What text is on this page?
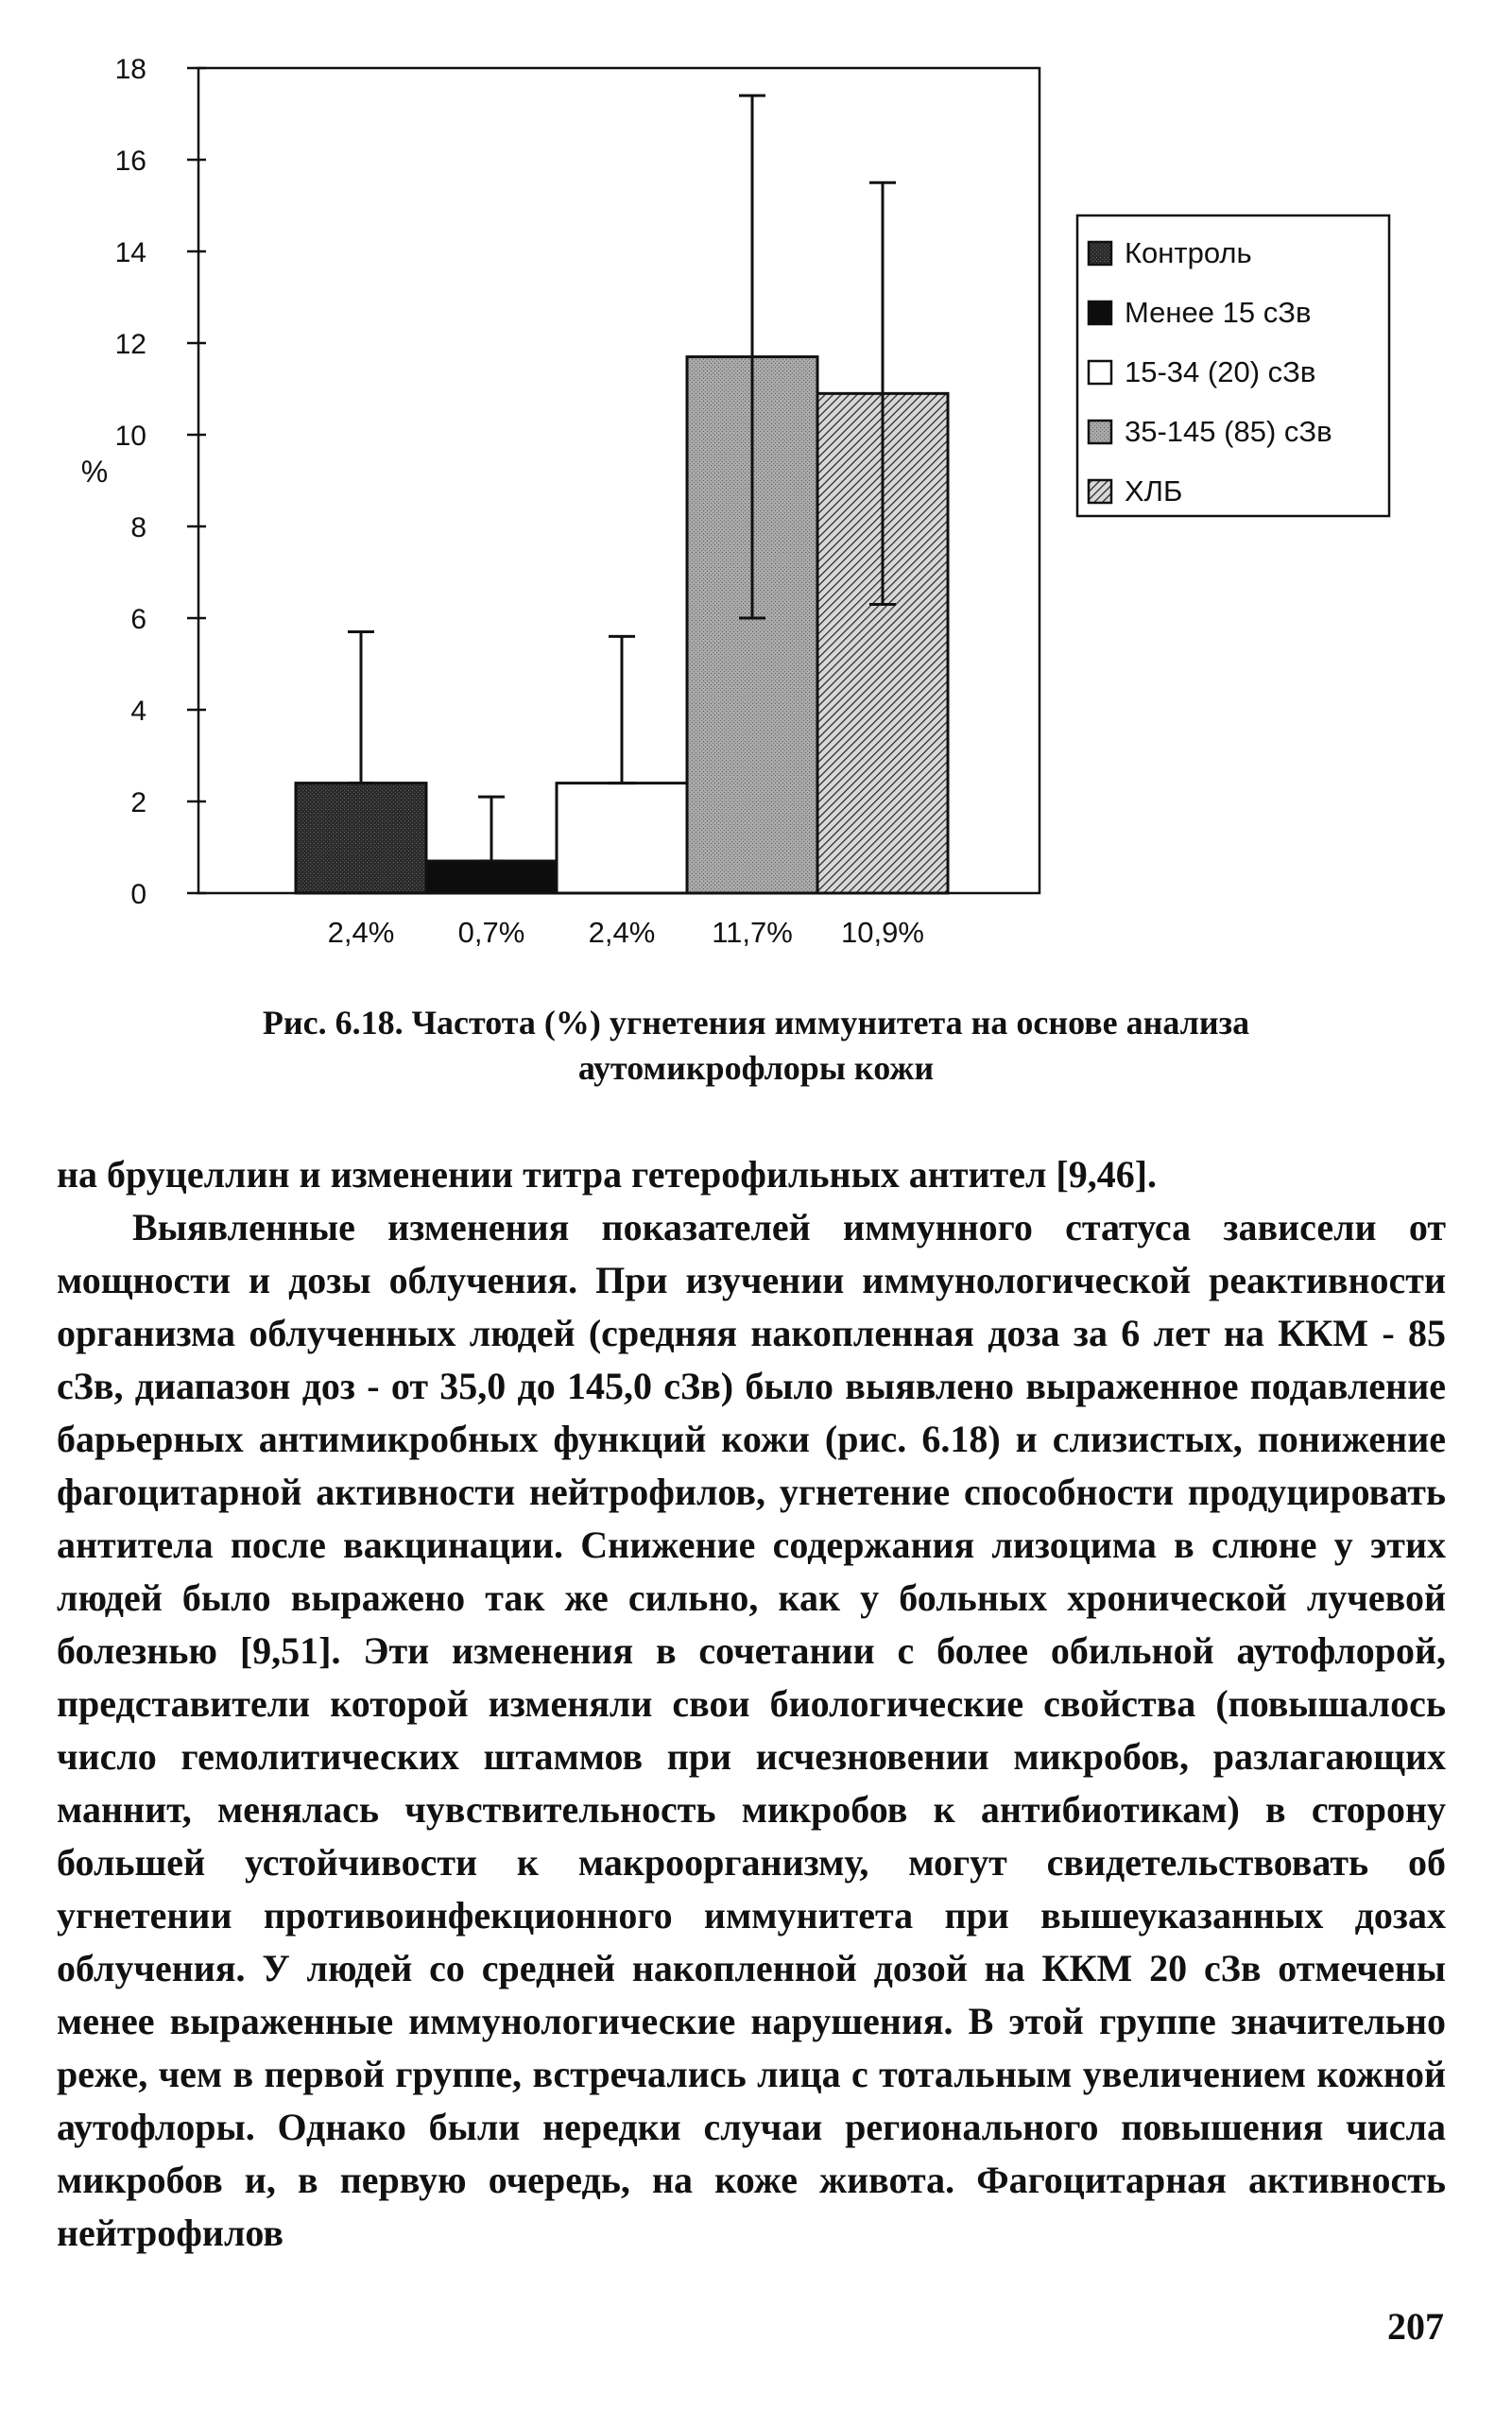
0
2
4
6
8
10
12
14
16
18
%
2,4% 0,7% 2,4% 11,7% 10,9%
Контроль
Менее 15 сЗв
15-34 (20) сЗв
35-145 (85) сЗв
ХЛБ
Рис. 6.18. Частота (%) угнетения иммунитета на основе анализа аутомикрофлоры кожи

на бруцеллин и изменении титра гетерофильных антител [9,46].

Выявленные изменения показателей иммунного статуса зависели от мощности и дозы облучения. При изучении иммунологической реактивности организма облученных людей (средняя накопленная доза за 6 лет на ККМ - 85 сЗв, диапазон доз - от 35,0 до 145,0 сЗв) было выявлено выраженное подавление барьерных антимикробных функций кожи (рис. 6.18) и слизистых, понижение фагоцитарной активности нейтрофилов, угнетение способности продуцировать антитела после вакцинации. Снижение содержания лизоцима в слюне у этих людей было выражено так же сильно, как у больных хронической лучевой болезнью [9,51]. Эти изменения в сочетании с более обильной аутофлорой, представители которой изменяли свои биологические свойства (повышалось число гемолитических штаммов при исчезновении микробов, разлагающих маннит, менялась чувствительность микробов к антибиотикам) в сторону большей устойчивости к макроорганизму, могут свидетельствовать об угнетении противоинфекционного иммунитета при вышеуказанных дозах облучения. У людей со средней накопленной дозой на ККМ 20 сЗв отмечены менее выраженные иммунологические нарушения. В этой группе значительно реже, чем в первой группе, встречались лица с тотальным увеличением кожной аутофлоры. Однако были нередки случаи регионального повышения числа микробов и, в первую очередь, на коже живота. Фагоцитарная активность нейтрофилов

207
